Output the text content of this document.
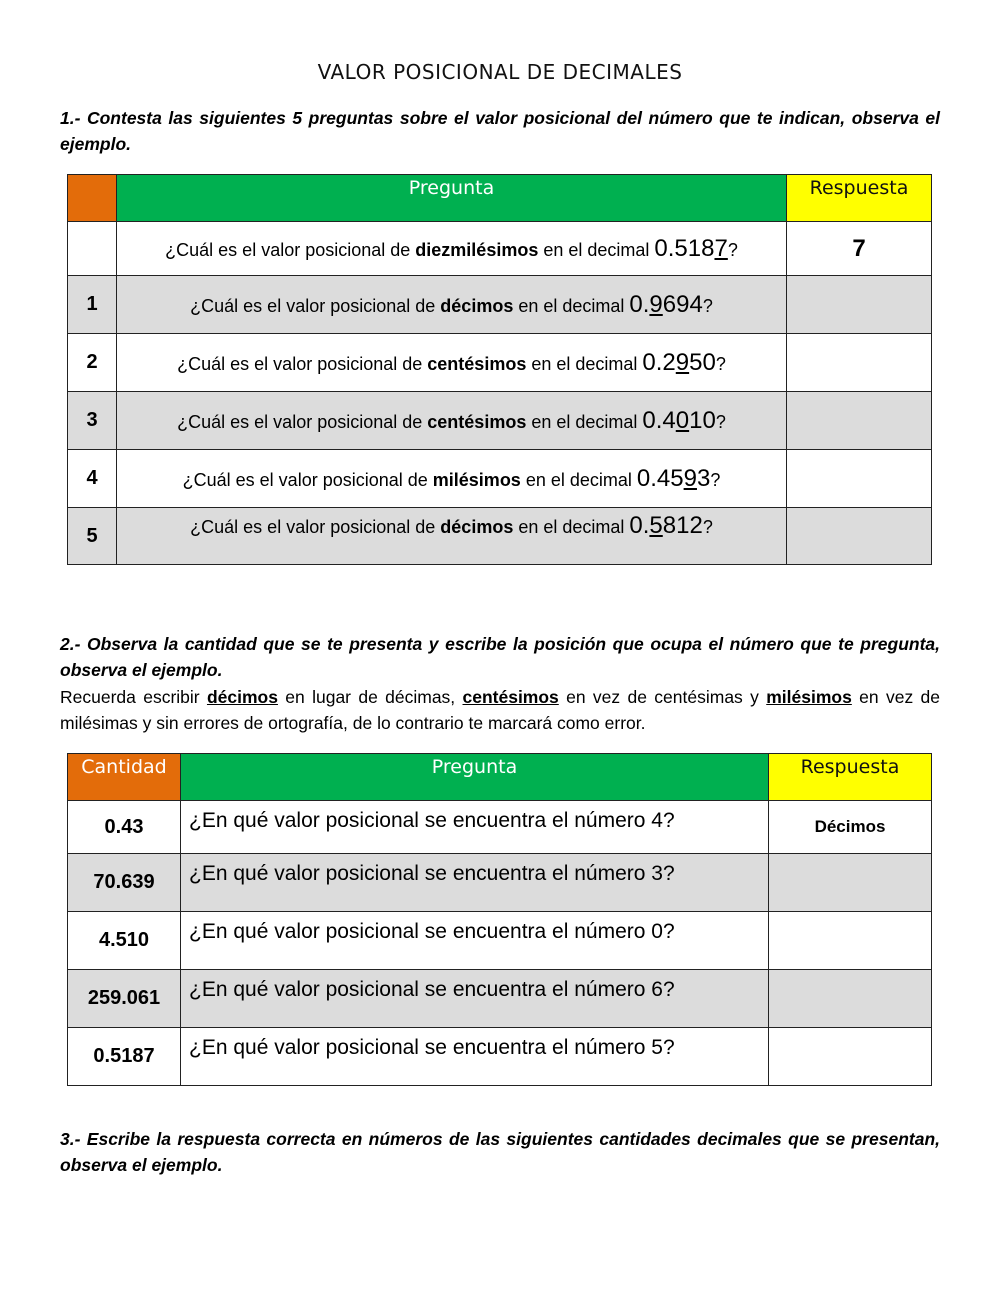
VALOR POSICIONAL DE DECIMALES
1.- Contesta las siguientes 5 preguntas sobre el valor posicional del número que te indican, observa el ejemplo.
	Pregunta	Respuesta
	¿Cuál es el valor posicional de diezmilésimos en el decimal 0.5187?	7
1	¿Cuál es el valor posicional de décimos en el decimal 0.9694?	
2	¿Cuál es el valor posicional de centésimos en el decimal 0.2950?	
3	¿Cuál es el valor posicional de centésimos en el decimal 0.4010?	
4	¿Cuál es el valor posicional de milésimos en el decimal 0.4593?	
5	¿Cuál es el valor posicional de décimos en el decimal 0.5812?	
2.- Observa la cantidad que se te presenta y escribe la posición que ocupa el número que te pregunta, observa el ejemplo.
Recuerda escribir décimos en lugar de décimas, centésimos en vez de centésimas y milésimos en vez de milésimas y sin errores de ortografía, de lo contrario te marcará como error.
Cantidad	Pregunta	Respuesta
0.43	¿En qué valor posicional se encuentra el número 4?	Décimos
70.639	¿En qué valor posicional se encuentra el número 3?	
4.510	¿En qué valor posicional se encuentra el número 0?	
259.061	¿En qué valor posicional se encuentra el número 6?	
0.5187	¿En qué valor posicional se encuentra el número 5?	
3.- Escribe la respuesta correcta en números de las siguientes cantidades decimales que se presentan, observa el ejemplo.
